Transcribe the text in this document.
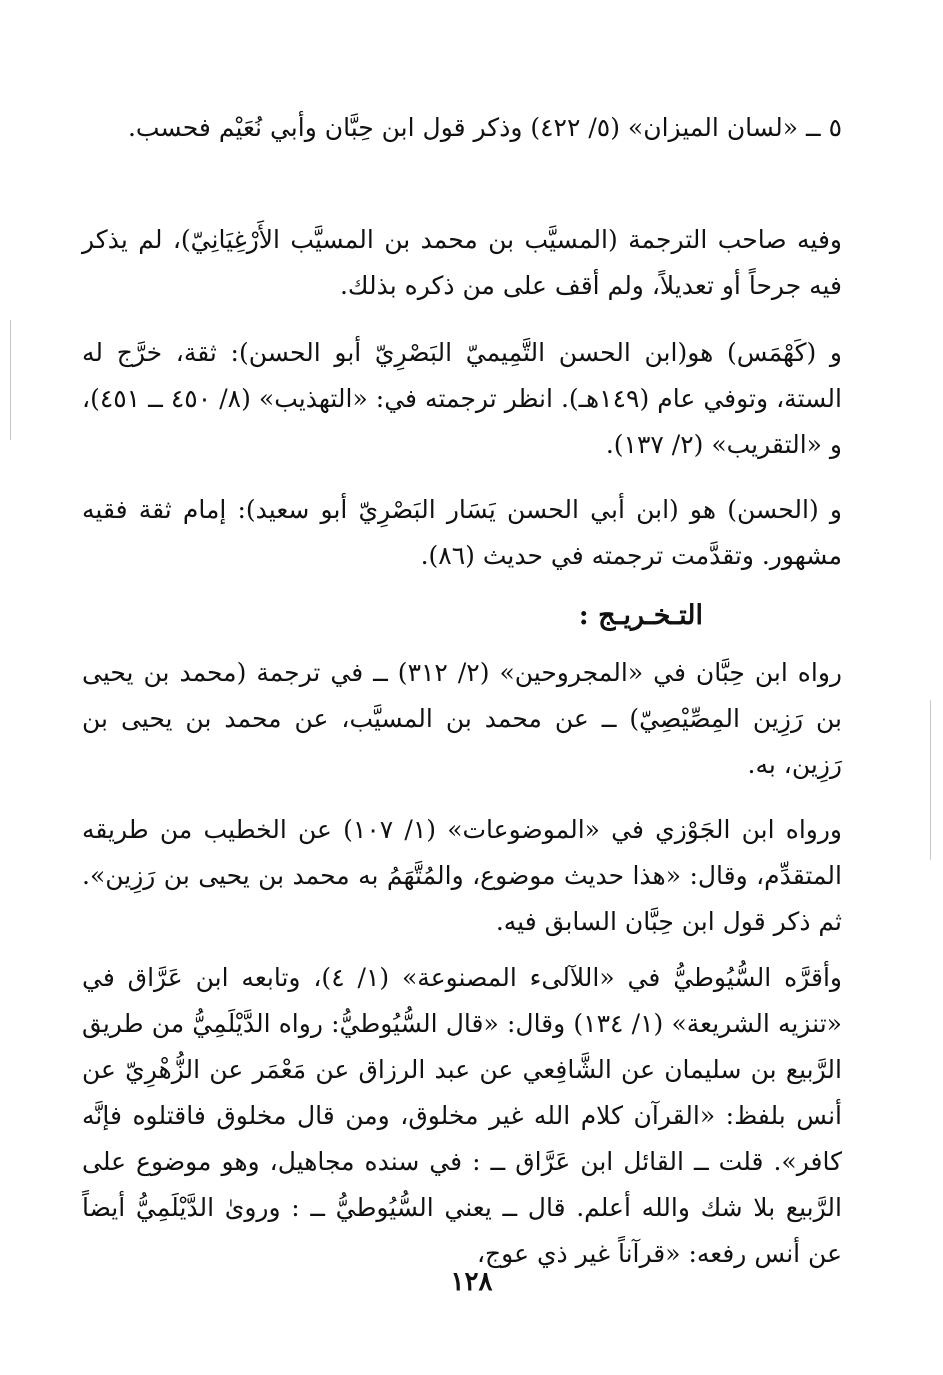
٥ ــ «لسان الميزان» (٥/ ٤٢٢) وذكر قول ابن حِبَّان وأبي نُعَيْم فحسب.
وفيه صاحب الترجمة (المسيَّب بن محمد بن المسيَّب الأَرْغِيَانِيّ)، لم يذكر فيه جرحاً أو تعديلاً، ولم أقف على من ذكره بذلك.
و (كَهْمَس) هو(ابن الحسن التَّمِيميّ البَصْرِيّ أبو الحسن): ثقة، خرَّج له الستة، وتوفي عام (١٤٩هـ). انظر ترجمته في: «التهذيب» (٨/ ٤٥٠ ــ ٤٥١)، و «التقريب» (٢/ ١٣٧).
و (الحسن) هو (ابن أبي الحسن يَسَار البَصْرِيّ أبو سعيد): إمام ثقة فقيه مشهور. وتقدَّمت ترجمته في حديث (٨٦).
التـخـريـج :
رواه ابن حِبَّان في «المجروحين» (٢/ ٣١٢) ــ في ترجمة (محمد بن يحيى بن رَزِين المِصِّيْصِيّ) ــ عن محمد بن المسيَّب، عن محمد بن يحيى بن رَزِين، به.
ورواه ابن الجَوْزي في «الموضوعات» (١/ ١٠٧) عن الخطيب من طريقه المتقدِّم، وقال: «هذا حديث موضوع، والمُتَّهَمُ به محمد بن يحيى بن رَزِين». ثم ذكر قول ابن حِبَّان السابق فيه.
وأقرَّه السُّيُوطيُّ في «اللآلىء المصنوعة» (١/ ٤)، وتابعه ابن عَرَّاق في «تنزيه الشريعة» (١/ ١٣٤) وقال: «قال السُّيُوطيُّ: رواه الدَّيْلَمِيُّ من طريق الرَّبيع بن سليمان عن الشَّافِعي عن عبد الرزاق عن مَعْمَر عن الزُّهْرِيّ عن أنس بلفظ: «القرآن كلام الله غير مخلوق، ومن قال مخلوق فاقتلوه فإنَّه كافر». قلت ــ القائل ابن عَرَّاق ــ : في سنده مجاهيل، وهو موضوع على الرَّبيع بلا شك والله أعلم. قال ــ يعني السُّيُوطيُّ ــ : وروىٰ الدَّيْلَمِيُّ أيضاً عن أنس رفعه: «قرآناً غير ذي عوج،
١٢٨
